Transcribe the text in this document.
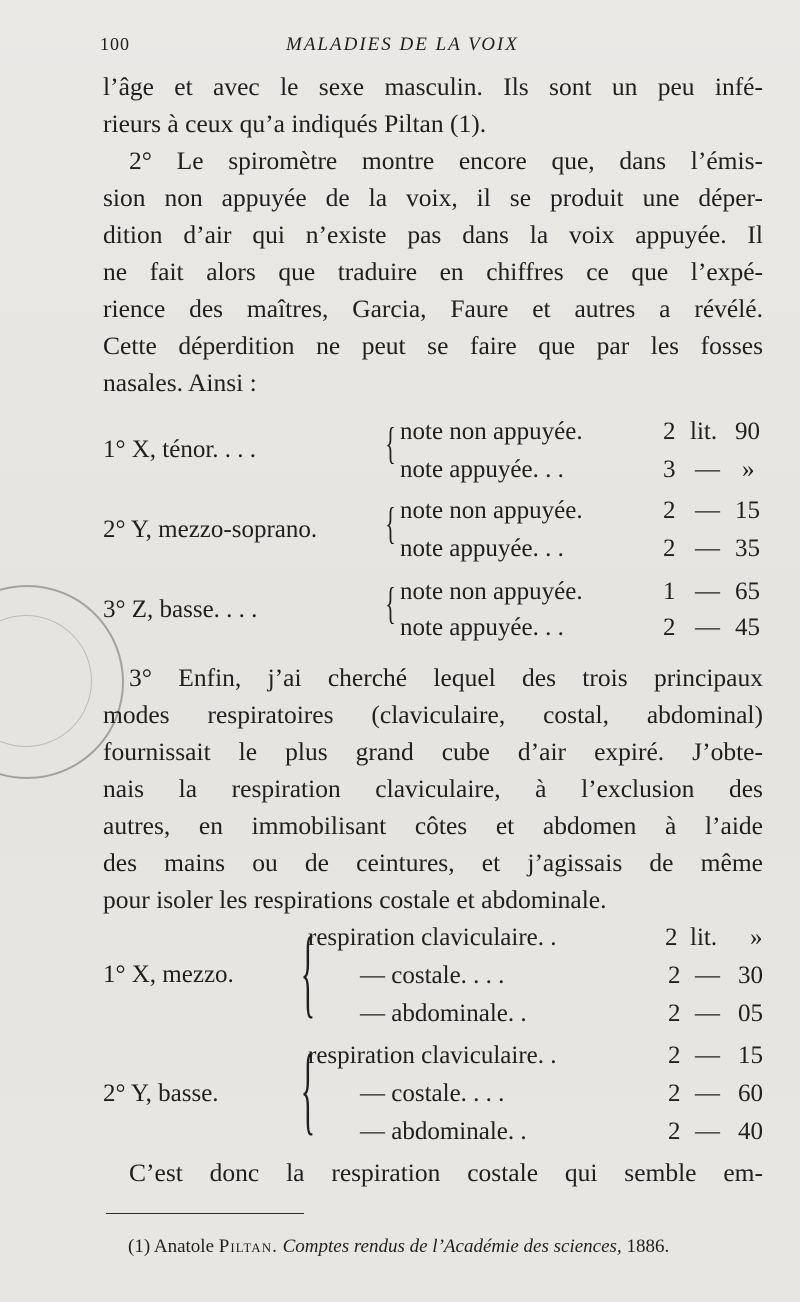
100	MALADIES DE LA VOIX
l’âge et avec le sexe masculin. Ils sont un peu infé-
rieurs à ceux qu’a indiqués Piltan (1).
2° Le spiromètre montre encore que, dans l’émis-
sion non appuyée de la voix, il se produit une déper-
dition d’air qui n’existe pas dans la voix appuyée. Il
ne fait alors que traduire en chiffres ce que l’expé-
rience des maîtres, Garcia, Faure et autres a révélé.
Cette déperdition ne peut se faire que par les fosses
nasales. Ainsi :
1° X, ténor. . . .	{ note non appuyée.	2 lit. 90
note appuyée. . .	3 — »
2° Y, mezzo-soprano. { note non appuyée.	2 — 15
note appuyée. . .	2 — 35
3° Z, basse. . . .	{ note non appuyée.	1 — 65
note appuyée. . .	2 — 45
3° Enfin, j’ai cherché lequel des trois principaux
modes respiratoires (claviculaire, costal, abdominal)
fournissait le plus grand cube d’air expiré. J’obte-
nais la respiration claviculaire, à l’exclusion des
autres, en immobilisant côtes et abdomen à l’aide
des mains ou de ceintures, et j’agissais de même
pour isoler les respirations costale et abdominale.
1° X, mezzo. {
respiration claviculaire. .	2 lit. »
— costale. . . .	2 — 30
— abdominale. .	2 — 05
2° Y, basse. {
respiration claviculaire. .	2 — 15
— costale. . . .	2 — 60
— abdominale. .	2 — 40
C’est donc la respiration costale qui semble em-
(1) Anatole Piltan. Comptes rendus de l’Académie des sciences, 1886.
